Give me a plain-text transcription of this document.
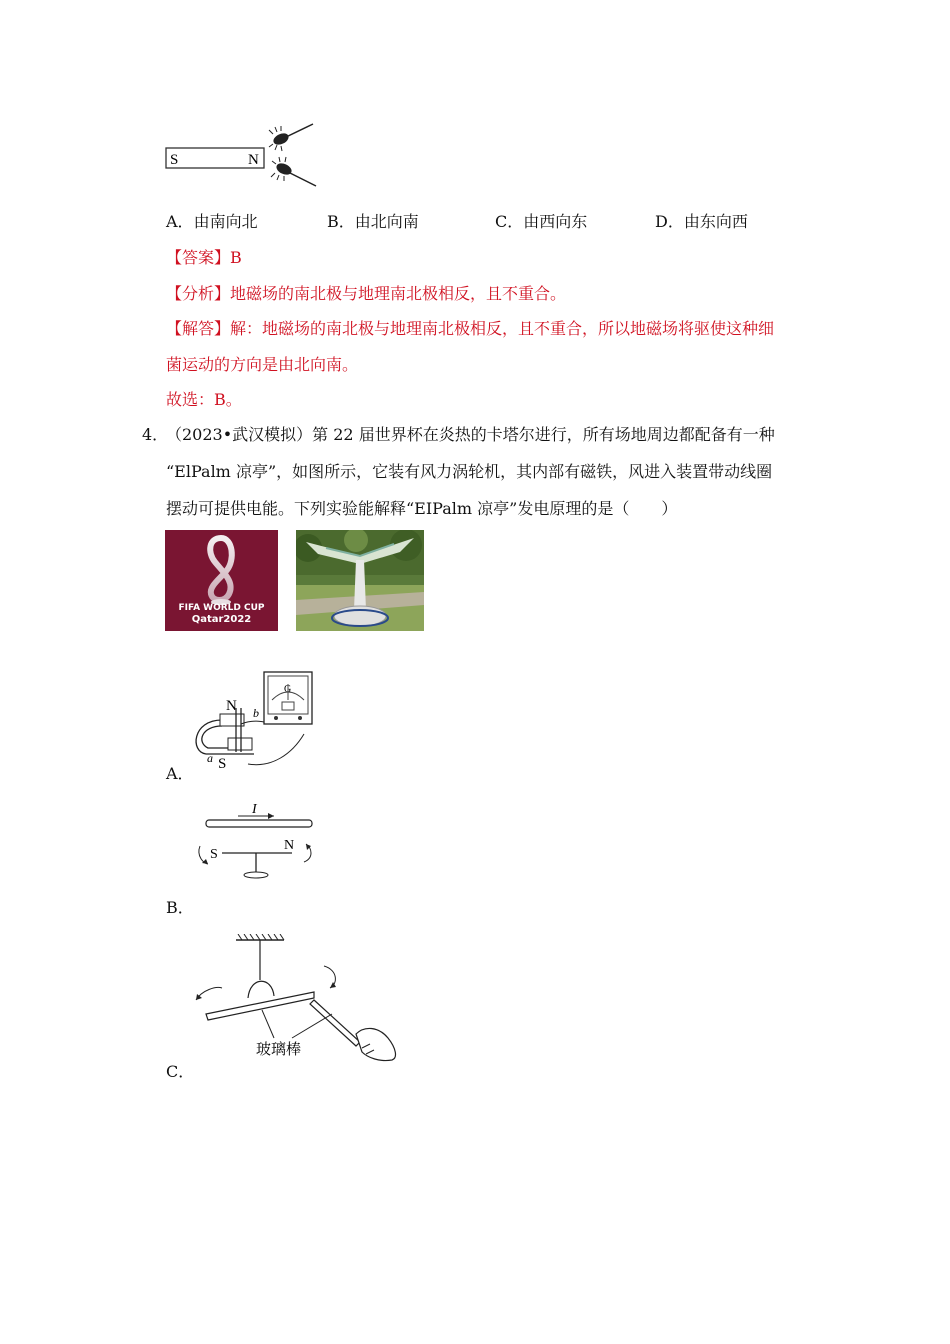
S	N
A．由南向北	B．由北向南	C．由西向东	D．由东向西
【答案】B
【分析】地磁场的南北极与地理南北极相反，且不重合。
【解答】解：地磁场的南北极与地理南北极相反，且不重合，所以地磁场将驱使这种细
菌运动的方向是由北向南。
故选：B。
4．
（2023•武汉模拟）第 22 届世界杯在炎热的卡塔尔进行，所有场地周边都配备有一种
“ElPalm 凉亭”，如图所示，它装有风力涡轮机，其内部有磁铁，风进入装置带动线圈
摆动可提供电能。下列实验能解释“EIPalm 凉亭”发电原理的是（　　）
FIFA WORLD CUP
Qatar2022
N
S
a
b
G
A．
I
S
N
B．
玻璃棒
C．
